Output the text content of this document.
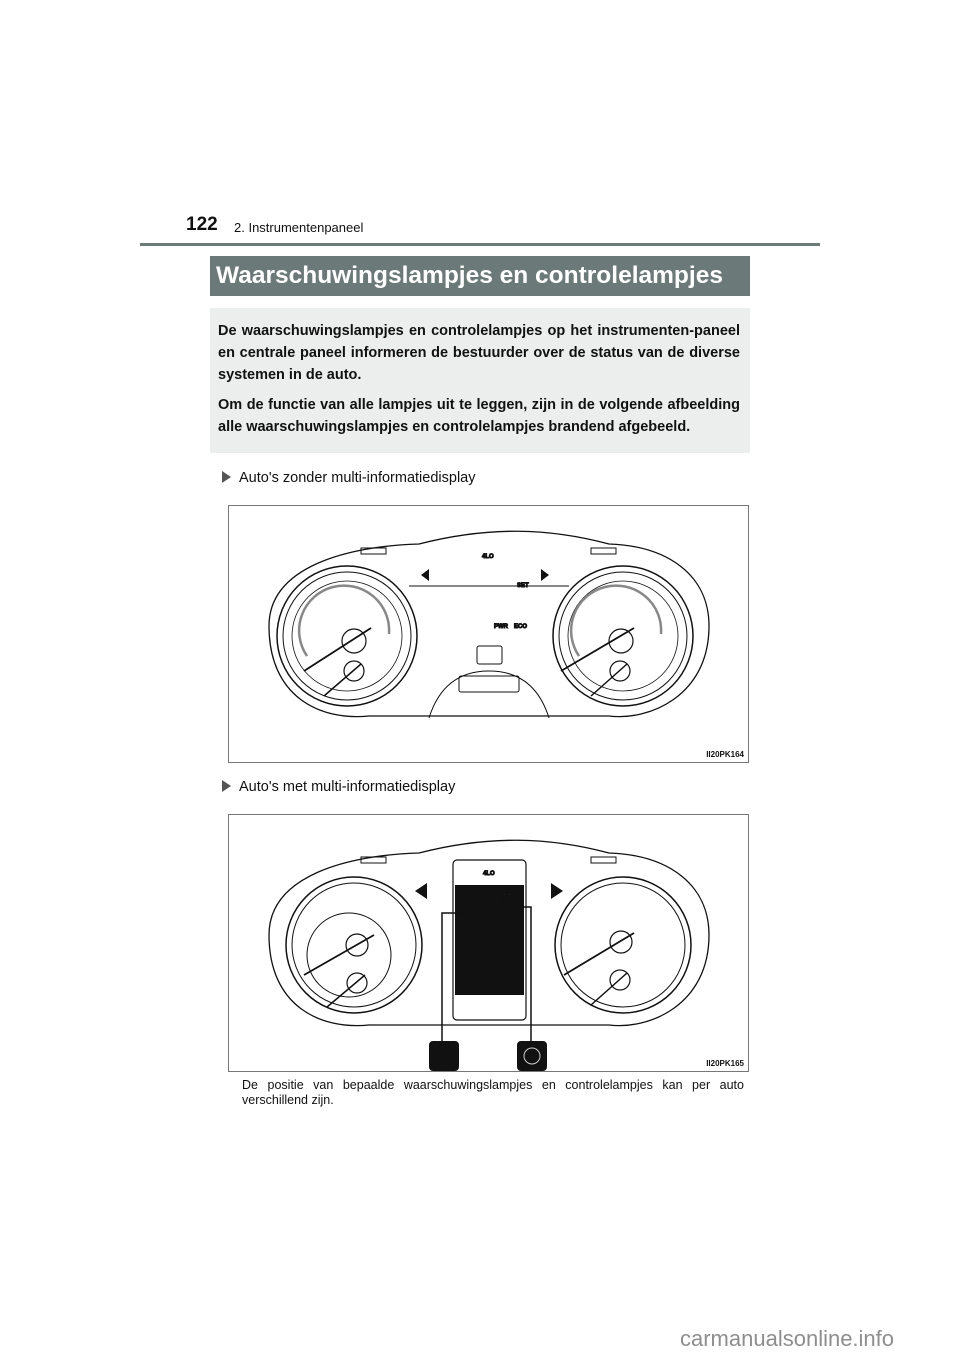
122 2. Instrumentenpaneel
Waarschuwingslampjes en controlelampjes

De waarschuwingslampjes en controlelampjes op het instrumenten-paneel en centrale paneel informeren de bestuurder over de status van de diverse systemen in de auto.

Om de functie van alle lampjes uit te leggen, zijn in de volgende afbeelding alle waarschuwingslampjes en controlelampjes brandend afgebeeld.

Auto's zonder multi-informatiedisplay
4LO
SET
PWR ECO
II20PK164
Auto's met multi-informatiedisplay
4LO
iMT
PWR	SET
ECO
II20PK165
De positie van bepaalde waarschuwingslampjes en controlelampjes kan per auto verschillend zijn.
carmanualsonline.info
